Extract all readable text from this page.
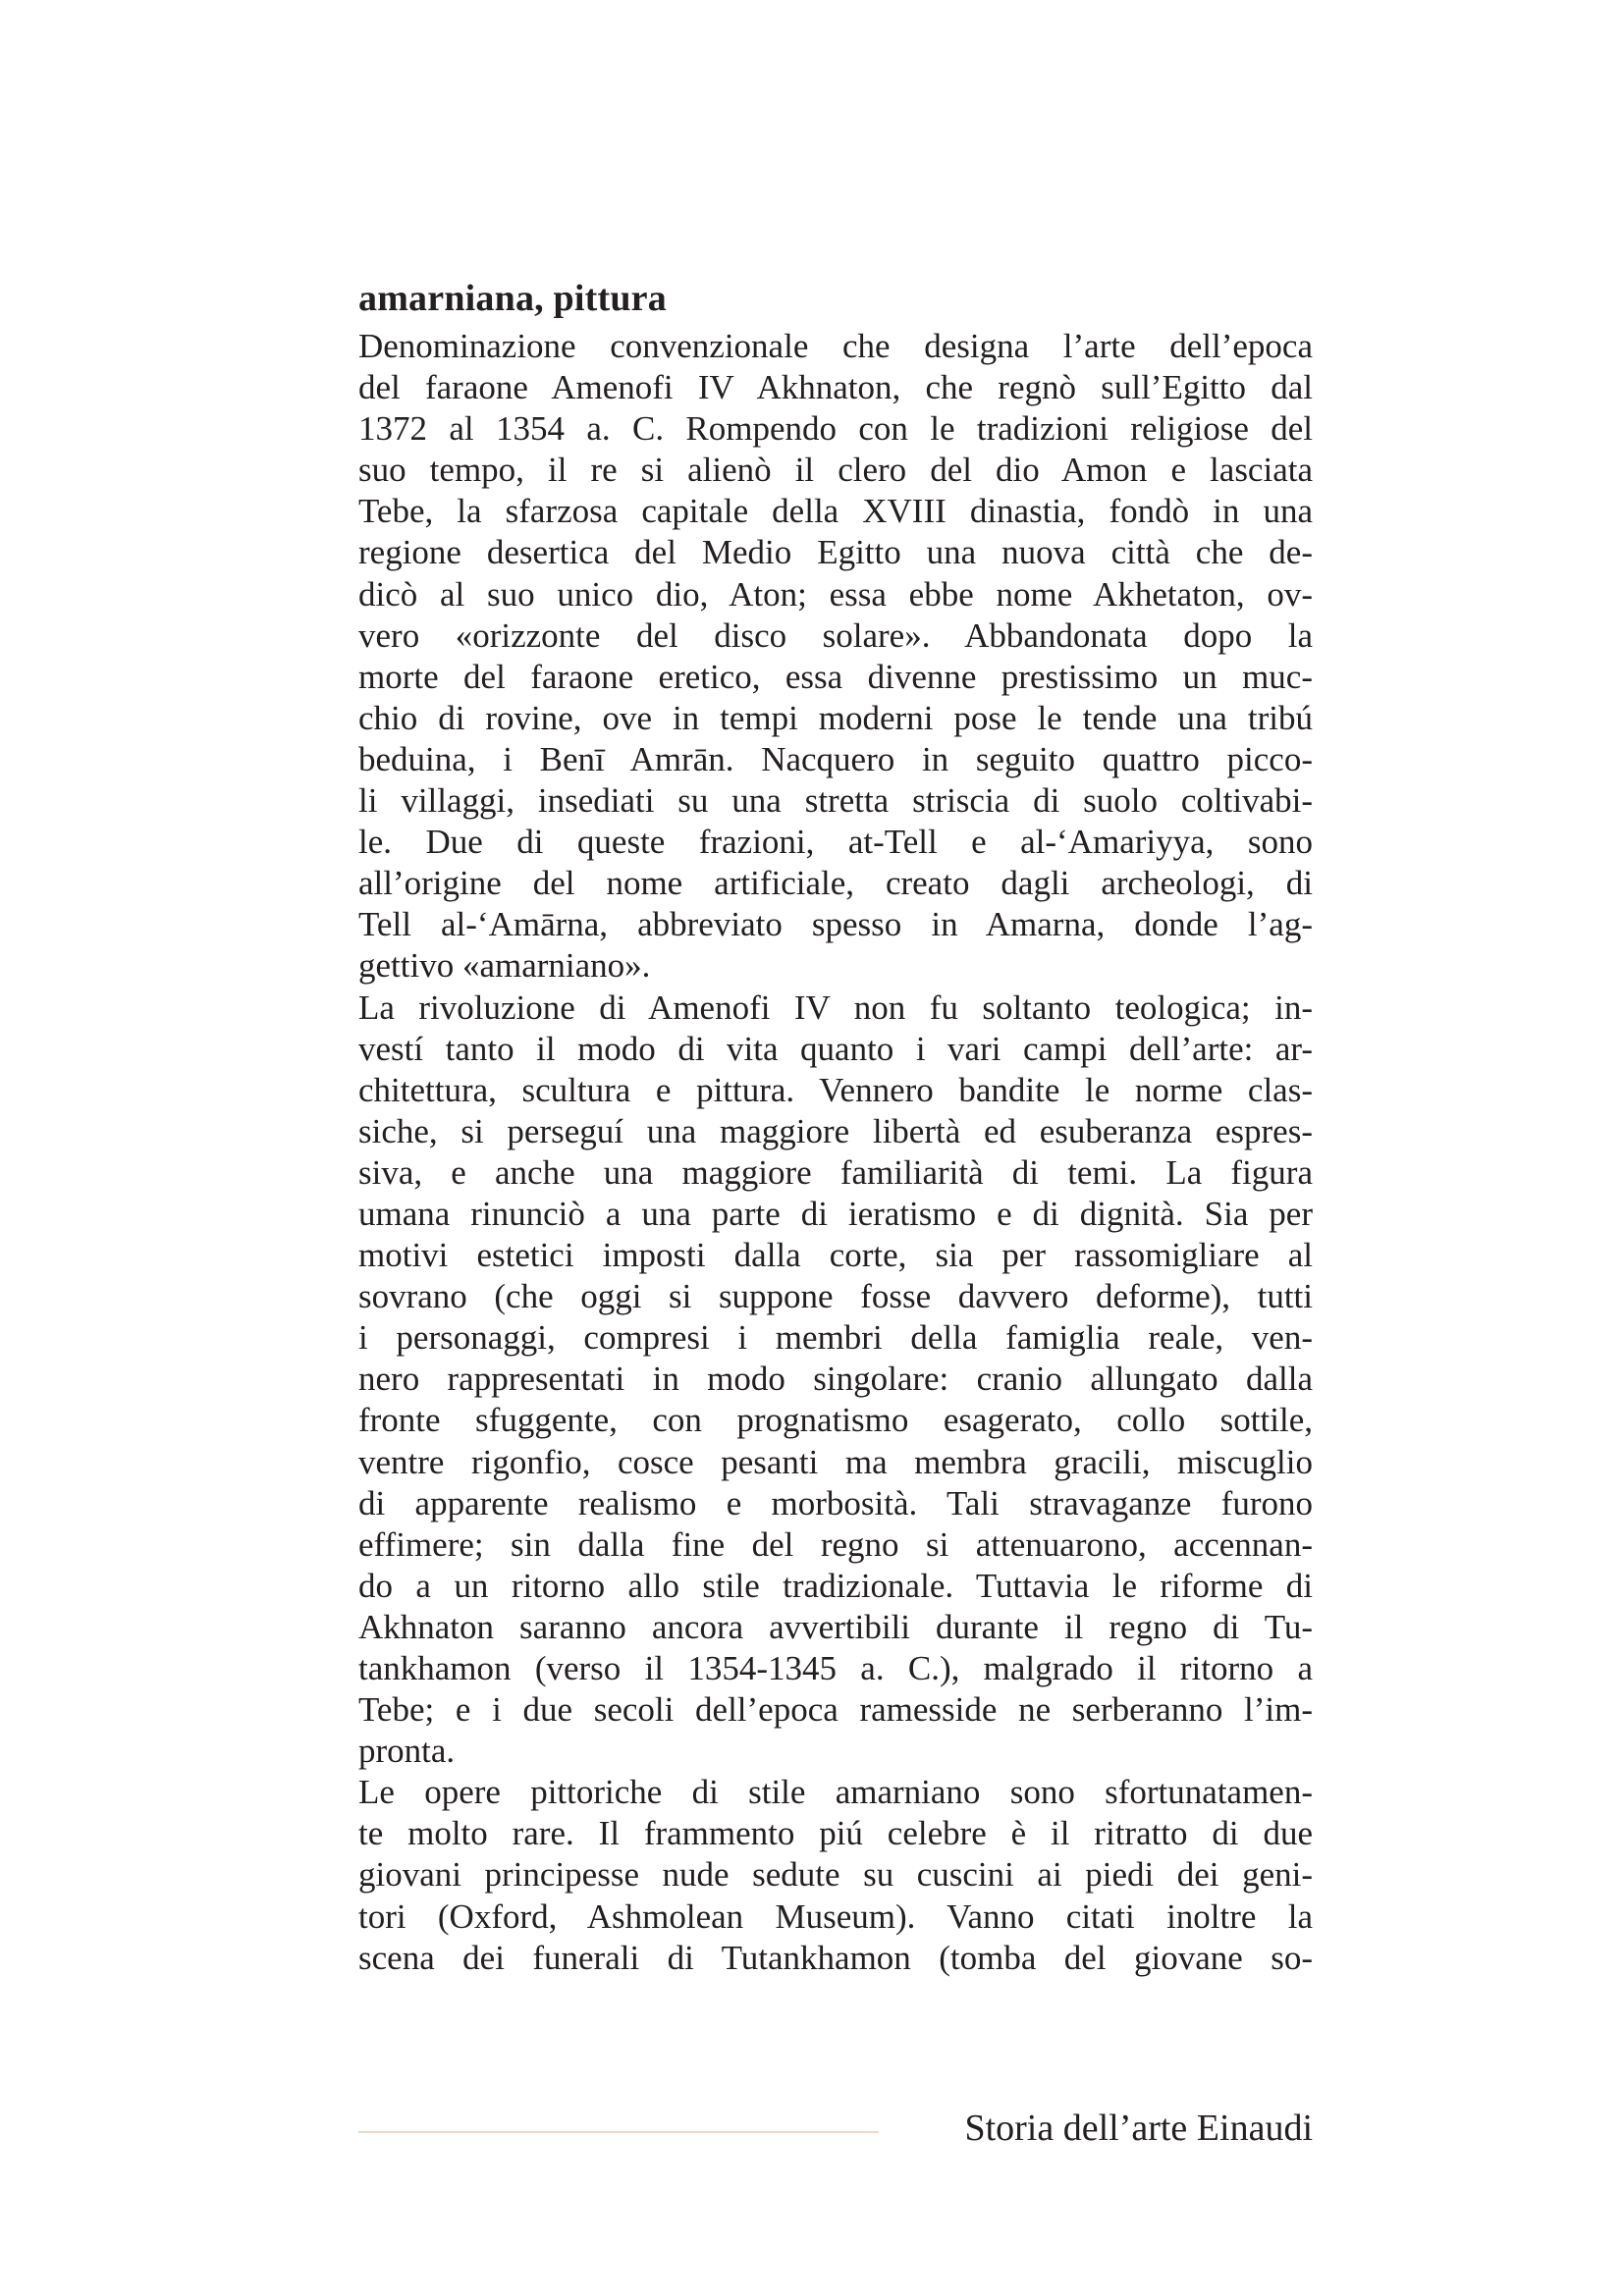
amarniana, pittura
Denominazione convenzionale che designa l’arte dell’epoca
del faraone Amenofi IV Akhnaton, che regnò sull’Egitto dal
1372 al 1354 a. C. Rompendo con le tradizioni religiose del
suo tempo, il re si alienò il clero del dio Amon e lasciata
Tebe, la sfarzosa capitale della XVIII dinastia, fondò in una
regione desertica del Medio Egitto una nuova città che de-
dicò al suo unico dio, Aton; essa ebbe nome Akhetaton, ov-
vero «orizzonte del disco solare». Abbandonata dopo la
morte del faraone eretico, essa divenne prestissimo un muc-
chio di rovine, ove in tempi moderni pose le tende una tribú
beduina, i Benī Amrān. Nacquero in seguito quattro picco-
li villaggi, insediati su una stretta striscia di suolo coltivabi-
le. Due di queste frazioni, at-Tell e al-ʻAmariyya, sono
all’origine del nome artificiale, creato dagli archeologi, di
Tell al-ʻAmārna, abbreviato spesso in Amarna, donde l’ag-
gettivo «amarniano».
La rivoluzione di Amenofi IV non fu soltanto teologica; in-
vestí tanto il modo di vita quanto i vari campi dell’arte: ar-
chitettura, scultura e pittura. Vennero bandite le norme clas-
siche, si perseguí una maggiore libertà ed esuberanza espres-
siva, e anche una maggiore familiarità di temi. La figura
umana rinunciò a una parte di ieratismo e di dignità. Sia per
motivi estetici imposti dalla corte, sia per rassomigliare al
sovrano (che oggi si suppone fosse davvero deforme), tutti
i personaggi, compresi i membri della famiglia reale, ven-
nero rappresentati in modo singolare: cranio allungato dalla
fronte sfuggente, con prognatismo esagerato, collo sottile,
ventre rigonfio, cosce pesanti ma membra gracili, miscuglio
di apparente realismo e morbosità. Tali stravaganze furono
effimere; sin dalla fine del regno si attenuarono, accennan-
do a un ritorno allo stile tradizionale. Tuttavia le riforme di
Akhnaton saranno ancora avvertibili durante il regno di Tu-
tankhamon (verso il 1354-1345 a. C.), malgrado il ritorno a
Tebe; e i due secoli dell’epoca ramesside ne serberanno l’im-
pronta.
Le opere pittoriche di stile amarniano sono sfortunatamen-
te molto rare. Il frammento piú celebre è il ritratto di due
giovani principesse nude sedute su cuscini ai piedi dei geni-
tori (Oxford, Ashmolean Museum). Vanno citati inoltre la
scena dei funerali di Tutankhamon (tomba del giovane so-
Storia dell’arte Einaudi
